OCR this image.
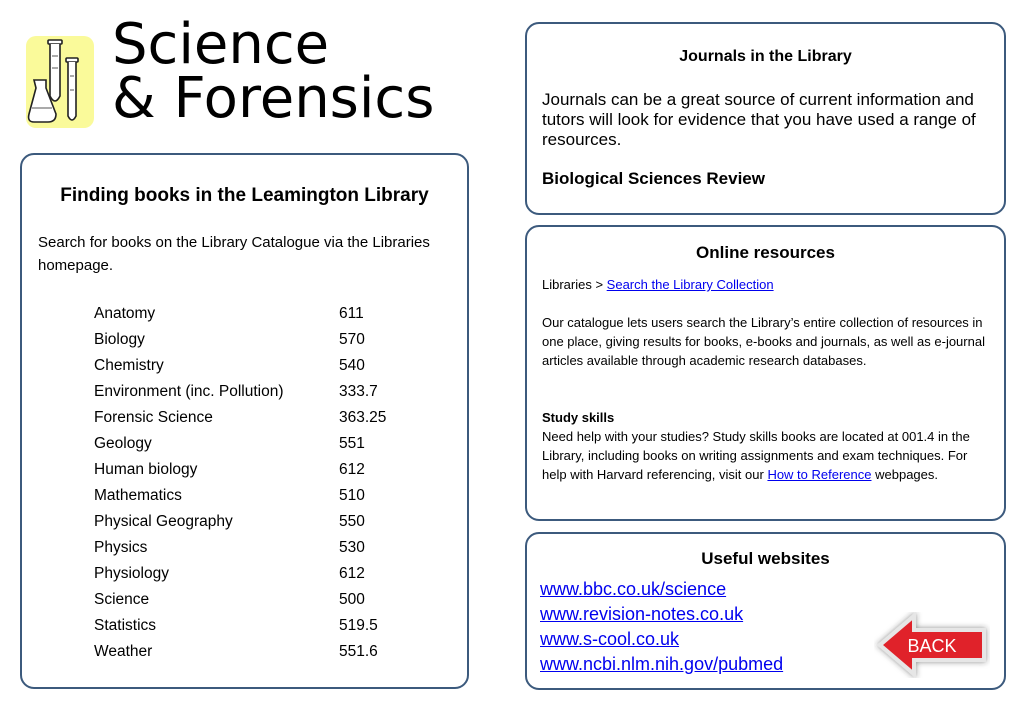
Science
& Forensics
Finding books in the Leamington Library

Search for books on the Library Catalogue via the Libraries homepage.

Anatomy	611
Biology	570
Chemistry	540
Environment (inc. Pollution)	333.7
Forensic Science	363.25
Geology	551
Human biology	612
Mathematics	510
Physical Geography	550
Physics	530
Physiology	612
Science	500
Statistics	519.5
Weather	551.6
Journals in the Library

Journals can be a great source of current information and tutors will look for evidence that you have used a range of resources.

Biological Sciences Review

Online resources

Libraries > Search the Library Collection

Our catalogue lets users search the Library’s entire collection of resources in one place, giving results for books, e-books and journals, as well as e-journal articles available through academic research databases.

Study skills

Need help with your studies? Study skills books are located at 001.4 in the Library, including books on writing assignments and exam techniques. For help with Harvard referencing, visit our How to Reference webpages.

Useful websites
www.bbc.co.uk/science
www.revision-notes.co.uk
www.s-cool.co.uk
www.ncbi.nlm.nih.gov/pubmed
BACK
